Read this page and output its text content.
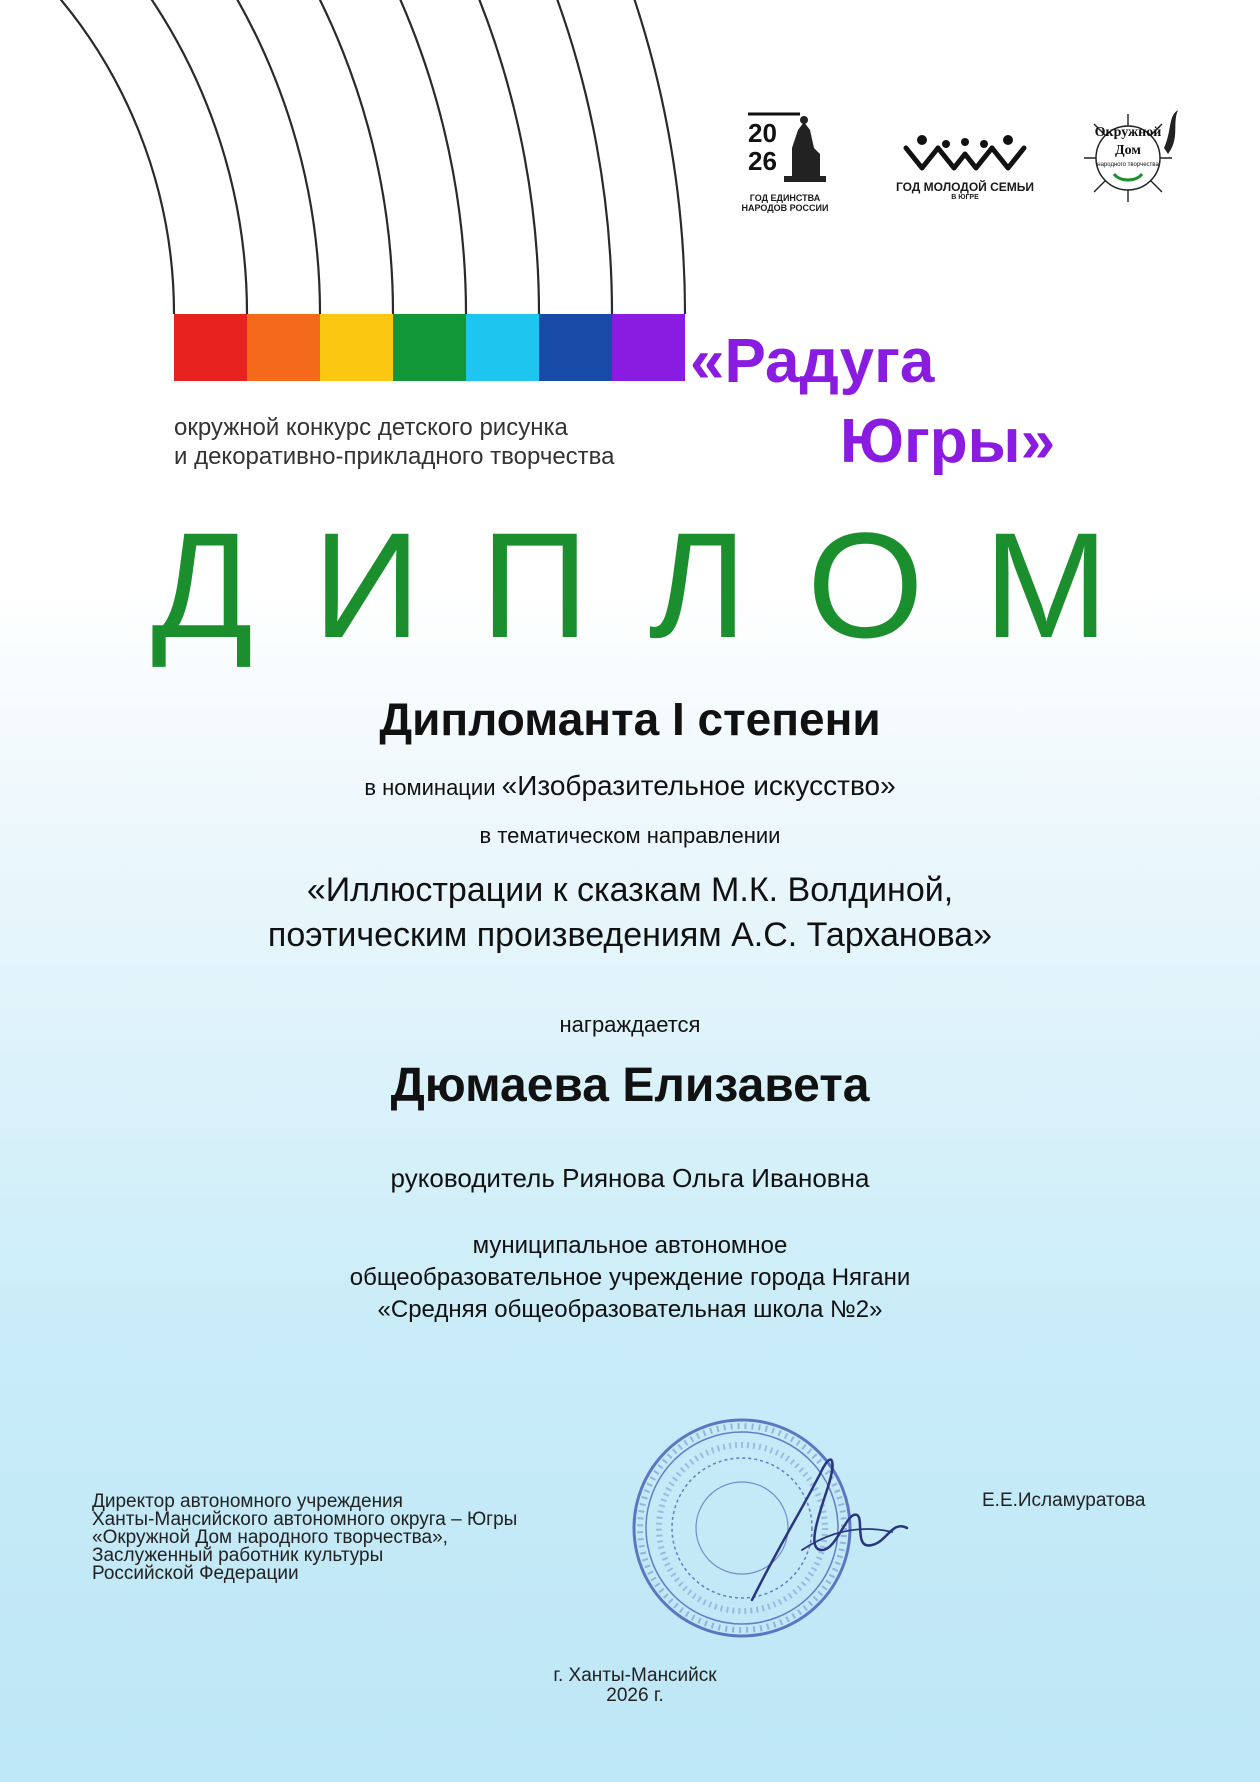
20
26
ГОД ЕДИНСТВА
НАРОДОВ РОССИИ
ГОД МОЛОДОЙ СЕМЬИ
В ЮГРЕ
Окружной
Дом
народного творчества
«Радуга
Югры»
окружной конкурс детского рисунка
и декоративно-прикладного творчества
ДИПЛОМ
Дипломанта I степени
в номинации «Изобразительное искусство»
в тематическом направлении
«Иллюстрации к сказкам М.К. Волдиной,
поэтическим произведениям А.С. Тарханова»
награждается
Дюмаева Елизавета
руководитель Риянова Ольга Ивановна
муниципальное автономное
общеобразовательное учреждение города Нягани
«Средняя общеобразовательная школа №2»
Директор автономного учреждения
Ханты-Мансийского автономного округа – Югры
«Окружной Дом народного творчества»,
Заслуженный работник культуры
Российской Федерации
Е.Е.Исламуратова
г. Ханты-Мансийск
2026 г.
